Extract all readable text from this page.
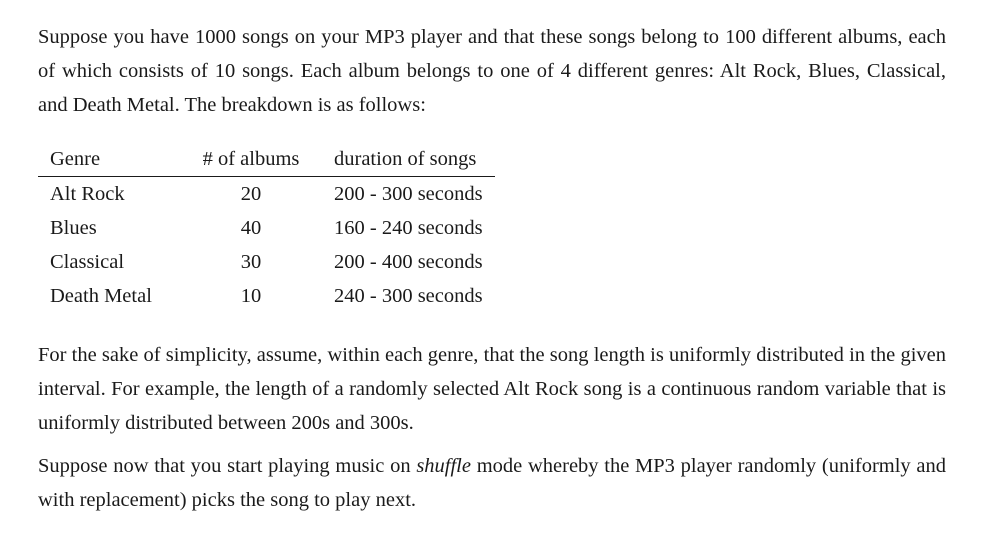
Suppose you have 1000 songs on your MP3 player and that these songs belong to 100 different albums, each of which consists of 10 songs. Each album belongs to one of 4 different genres: Alt Rock, Blues, Classical, and Death Metal. The breakdown is as follows:

Genre	# of albums	duration of songs
Alt Rock	20	200 - 300 seconds
Blues	40	160 - 240 seconds
Classical	30	200 - 400 seconds
Death Metal	10	240 - 300 seconds

For the sake of simplicity, assume, within each genre, that the song length is uniformly distributed in the given interval. For example, the length of a randomly selected Alt Rock song is a continuous random variable that is uniformly distributed between 200s and 300s.

Suppose now that you start playing music on shuffle mode whereby the MP3 player randomly (uniformly and with replacement) picks the song to play next.
